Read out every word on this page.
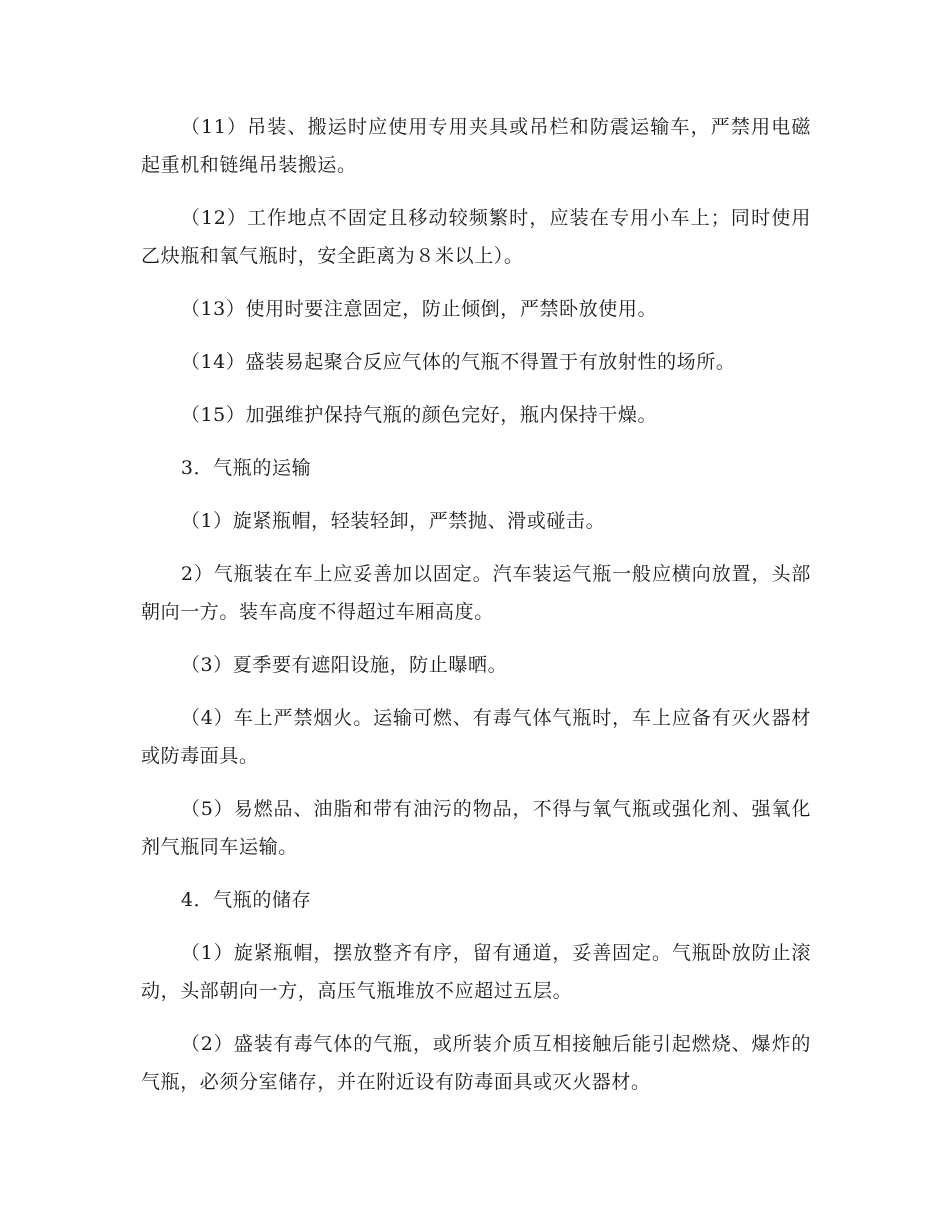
（11）吊装、搬运时应使用专用夹具或吊栏和防震运输车，严禁用电磁起重机和链绳吊装搬运。

（12）工作地点不固定且移动较频繁时，应装在专用小车上；同时使用乙炔瓶和氧气瓶时，安全距离为８米以上）。

（13）使用时要注意固定，防止倾倒，严禁卧放使用。

（14）盛装易起聚合反应气体的气瓶不得置于有放射性的场所。

（15）加强维护保持气瓶的颜色完好，瓶内保持干燥。

3．气瓶的运输

（1）旋紧瓶帽，轻装轻卸，严禁抛、滑或碰击。

2）气瓶装在车上应妥善加以固定。汽车装运气瓶一般应横向放置，头部朝向一方。装车高度不得超过车厢高度。

（3）夏季要有遮阳设施，防止曝晒。

（4）车上严禁烟火。运输可燃、有毒气体气瓶时，车上应备有灭火器材或防毒面具。

（5）易燃品、油脂和带有油污的物品，不得与氧气瓶或强化剂、强氧化剂气瓶同车运输。

4．气瓶的储存

（1）旋紧瓶帽，摆放整齐有序，留有通道，妥善固定。气瓶卧放防止滚动，头部朝向一方，高压气瓶堆放不应超过五层。

（2）盛装有毒气体的气瓶，或所装介质互相接触后能引起燃烧、爆炸的气瓶，必须分室储存，并在附近设有防毒面具或灭火器材。
